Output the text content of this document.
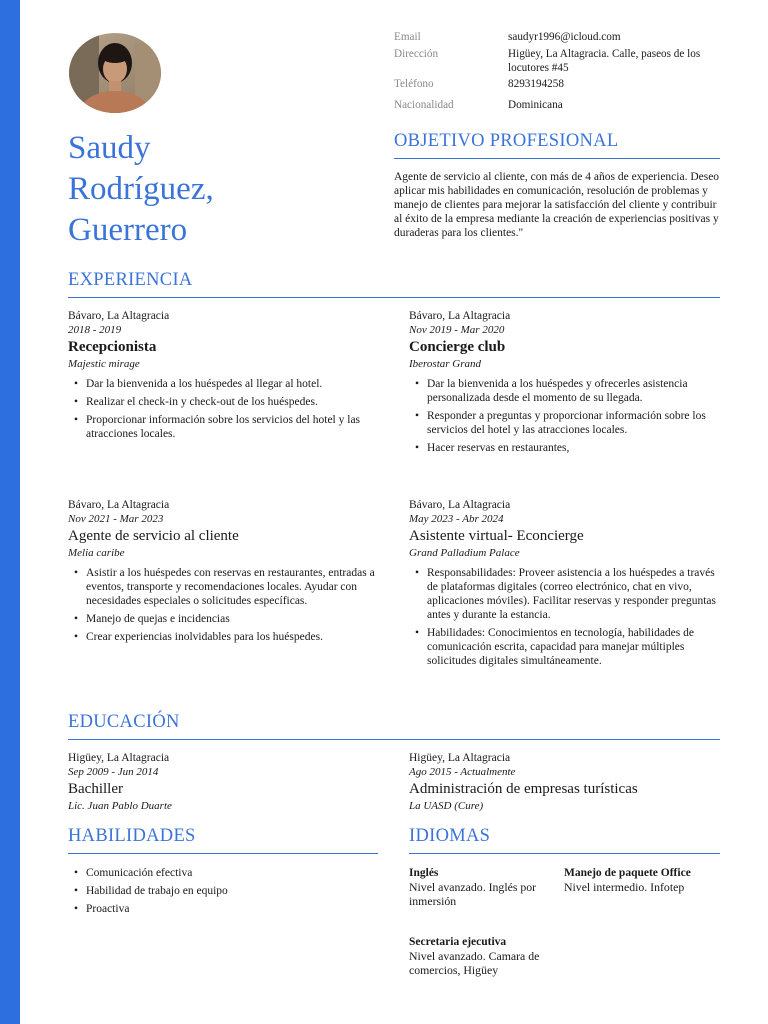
Saudy
Rodríguez,
Guerrero
Email	saudyr1996@icloud.com
Dirección	Higüey, La Altagracia. Calle, paseos de los locutores #45
Teléfono	8293194258
Nacionalidad	Dominicana
OBJETIVO PROFESIONAL
Agente de servicio al cliente, con más de 4 años de experiencia. Deseo aplicar mis habilidades en comunicación, resolución de problemas y manejo de clientes para mejorar la satisfacción del cliente y contribuir al éxito de la empresa mediante la creación de experiencias positivas y duraderas para los clientes."
EXPERIENCIA
Bávaro, La Altagracia
2018 - 2019
Recepcionista
Majestic mirage
• Dar la bienvenida a los huéspedes al llegar al hotel.
• Realizar el check-in y check-out de los huéspedes.
• Proporcionar información sobre los servicios del hotel y las atracciones locales.
Bávaro, La Altagracia
Nov 2019 - Mar 2020
Concierge club
Iberostar Grand
• Dar la bienvenida a los huéspedes y ofrecerles asistencia personalizada desde el momento de su llegada.
• Responder a preguntas y proporcionar información sobre los servicios del hotel y las atracciones locales.
• Hacer reservas en restaurantes,
Bávaro, La Altagracia
Nov 2021 - Mar 2023
Agente de servicio al cliente
Melia caribe
• Asistir a los huéspedes con reservas en restaurantes, entradas a eventos, transporte y recomendaciones locales. Ayudar con necesidades especiales o solicitudes específicas.
• Manejo de quejas e incidencias
• Crear experiencias inolvidables para los huéspedes.
Bávaro, La Altagracia
May 2023 - Abr 2024
Asistente virtual- Econcierge
Grand Palladium Palace
• Responsabilidades: Proveer asistencia a los huéspedes a través de plataformas digitales (correo electrónico, chat en vivo, aplicaciones móviles). Facilitar reservas y responder preguntas antes y durante la estancia.
• Habilidades: Conocimientos en tecnología, habilidades de comunicación escrita, capacidad para manejar múltiples solicitudes digitales simultáneamente.
EDUCACIÓN
Higüey, La Altagracia
Sep 2009 - Jun 2014
Bachiller
Lic. Juan Pablo Duarte
Higüey, La Altagracia
Ago 2015 - Actualmente
Administración de empresas turísticas
La UASD (Cure)
HABILIDADES
• Comunicación efectiva
• Habilidad de trabajo en equipo
• Proactiva
IDIOMAS
Inglés
Nivel avanzado. Inglés por inmersión
Manejo de paquete Office
Nivel intermedio. Infotep
Secretaria ejecutiva
Nivel avanzado. Camara de comercios, Higüey
